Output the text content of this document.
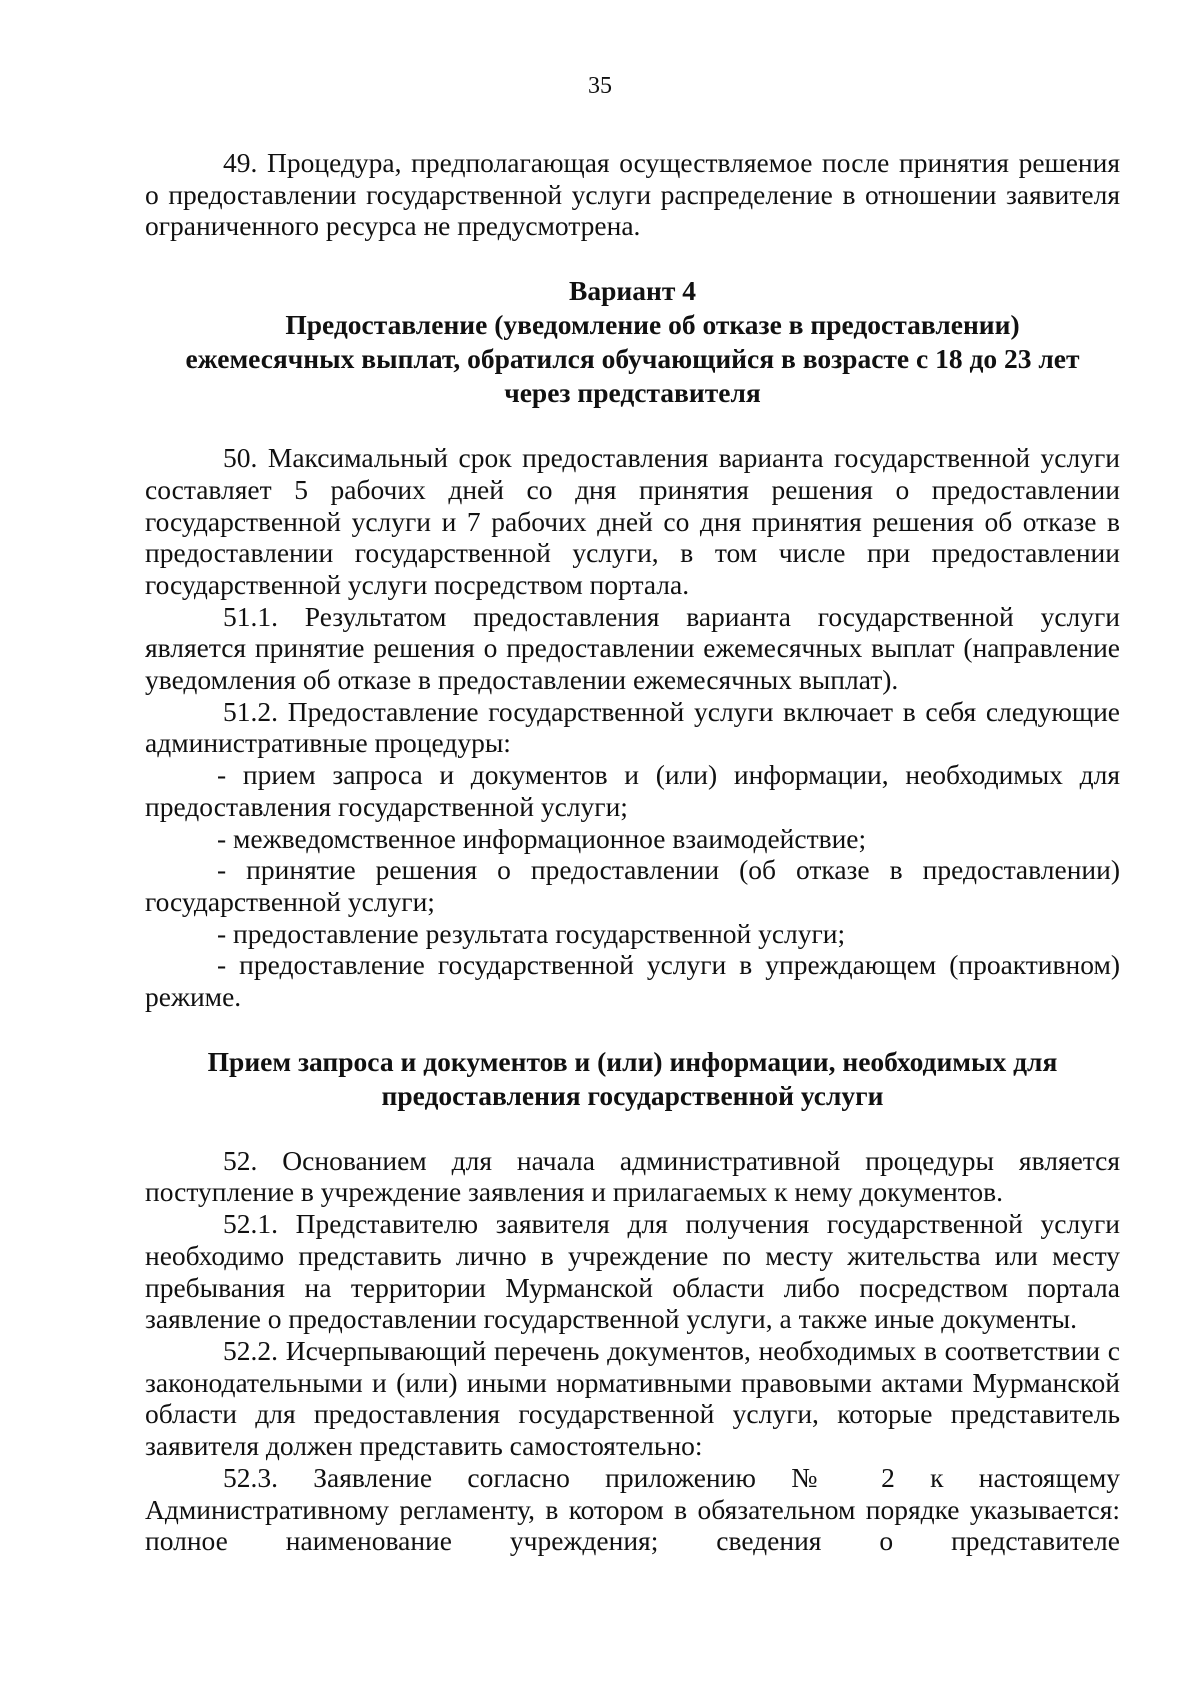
35

49. Процедура, предполагающая осуществляемое после принятия решения о предоставлении государственной услуги распределение в отношении заявителя ограниченного ресурса не предусмотрена.

Вариант 4

Предоставление (уведомление об отказе в предоставлении)

ежемесячных выплат, обратился обучающийся в возрасте с 18 до 23 лет

через представителя

50. Максимальный срок предоставления варианта государственной услуги составляет 5 рабочих дней со дня принятия решения о предоставлении государственной услуги и 7 рабочих дней со дня принятия решения об отказе в предоставлении государственной услуги, в том числе при предоставлении государственной услуги посредством портала.

51.1. Результатом предоставления варианта государственной услуги является принятие решения о предоставлении ежемесячных выплат (направление уведомления об отказе в предоставлении ежемесячных выплат).

51.2. Предоставление государственной услуги включает в себя следующие административные процедуры:

- прием запроса и документов и (или) информации, необходимых для предоставления государственной услуги;

- межведомственное информационное взаимодействие;

- принятие решения о предоставлении (об отказе в предоставлении) государственной услуги;

- предоставление результата государственной услуги;

- предоставление государственной услуги в упреждающем (проактивном) режиме.

Прием запроса и документов и (или) информации, необходимых для

предоставления государственной услуги

52. Основанием для начала административной процедуры является поступление в учреждение заявления и прилагаемых к нему документов.

52.1. Представителю заявителя для получения государственной услуги необходимо представить лично в учреждение по месту жительства или месту пребывания на территории Мурманской области либо посредством портала заявление о предоставлении государственной услуги, а также иные документы.

52.2. Исчерпывающий перечень документов, необходимых в соответствии с законодательными и (или) иными нормативными правовыми актами Мурманской области для предоставления государственной услуги, которые представитель заявителя должен представить самостоятельно:

52.3. Заявление согласно приложению № 2 к настоящему Административному регламенту, в котором в обязательном порядке указывается: полное наименование учреждения; сведения о представителе
